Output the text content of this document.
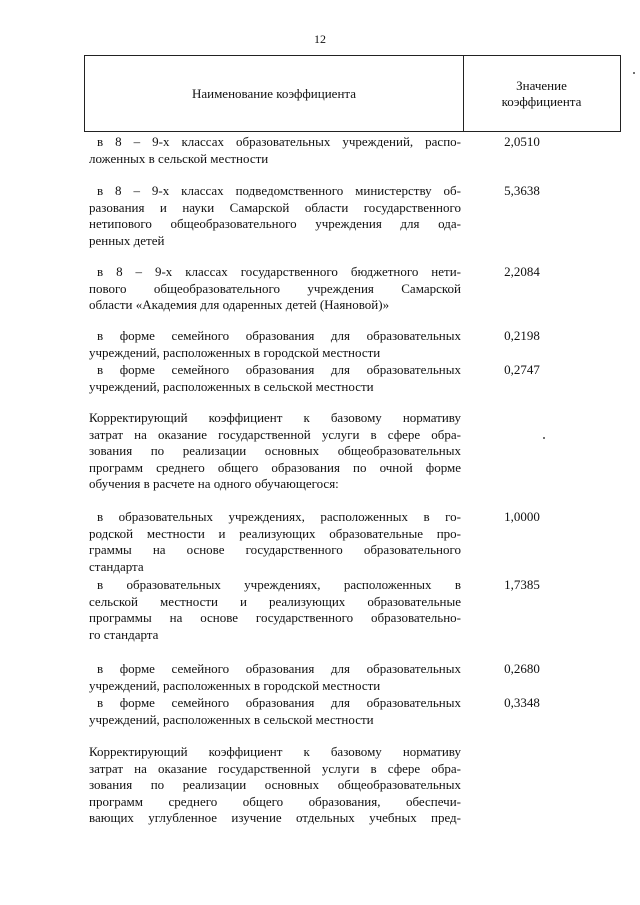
12
Наименование коэффициента
Значение
коэффициента
в 8 – 9-х классах образовательных учреждений, распо-
ложенных в сельской местности
2,0510
в 8 – 9-х классах подведомственного министерству об-
разования и науки Самарской области государственного
нетипового общеобразовательного учреждения для ода-
ренных детей
5,3638
в 8 – 9-х классах государственного бюджетного нети-
пового общеобразовательного учреждения Самарской
области «Академия для одаренных детей (Наяновой)»
2,2084
в форме семейного образования для образовательных
учреждений, расположенных в городской местности
0,2198
в форме семейного образования для образовательных
учреждений, расположенных в сельской местности
0,2747
Корректирующий коэффициент к базовому нормативу
затрат на оказание государственной услуги в сфере обра-
зования по реализации основных общеобразовательных
программ среднего общего образования по очной форме
обучения в расчете на одного обучающегося:
в образовательных учреждениях, расположенных в го-
родской местности и реализующих образовательные про-
граммы на основе государственного образовательного
стандарта
1,0000
в образовательных учреждениях, расположенных в
сельской местности и реализующих образовательные
программы на основе государственного образовательно-
го стандарта
1,7385
в форме семейного образования для образовательных
учреждений, расположенных в городской местности
0,2680
в форме семейного образования для образовательных
учреждений, расположенных в сельской местности
0,3348
Корректирующий коэффициент к базовому нормативу
затрат на оказание государственной услуги в сфере обра-
зования по реализации основных общеобразовательных
программ среднего общего образования, обеспечи-
вающих углубленное изучение отдельных учебных пред-
